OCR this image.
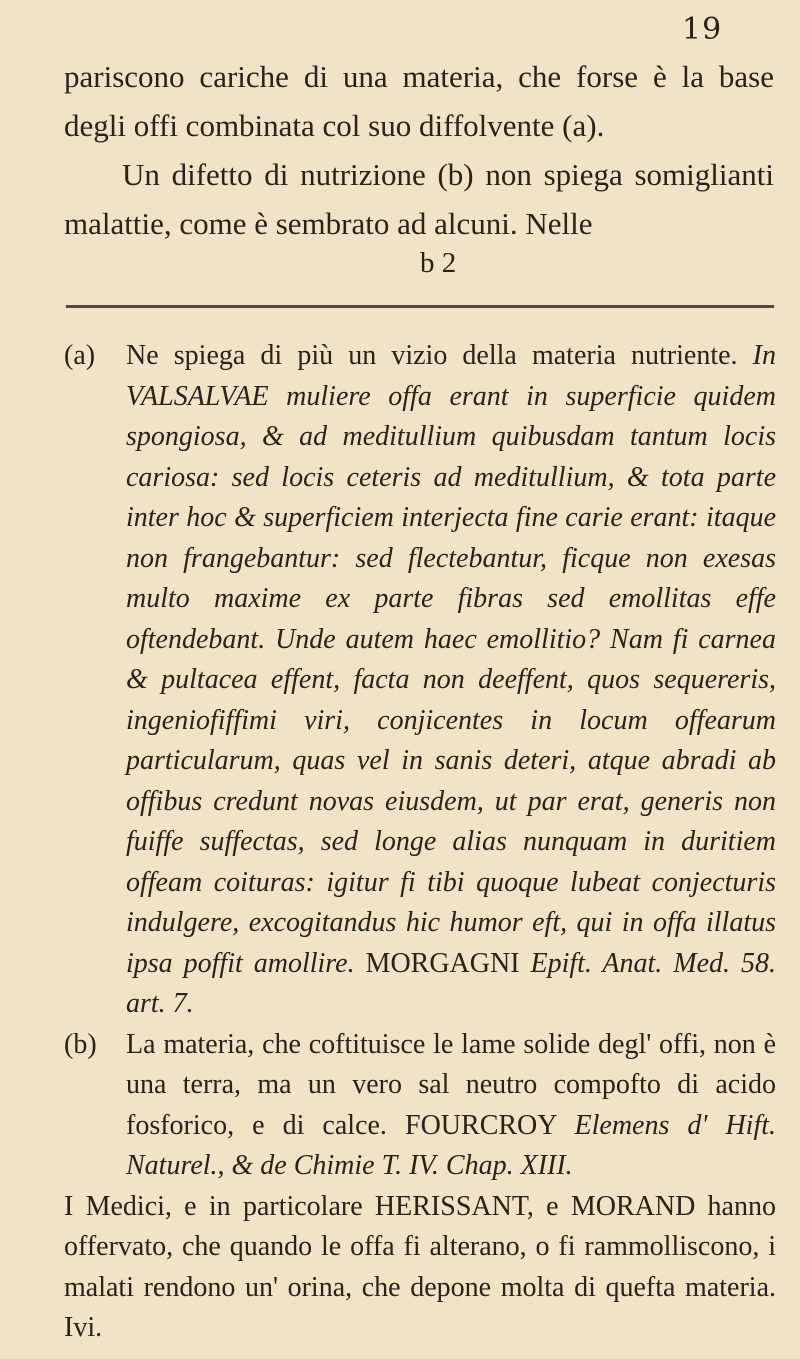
19

pariscono cariche di una materia, che forse è la base degli offi combinata col suo diffolvente (a).

Un difetto di nutrizione (b) non spiega somiglianti malattie, come è sembrato ad alcuni. Nelle

b 2
(a)	Ne spiega di più un vizio della materia nutriente. In VALSALVAE muliere offa erant in superficie quidem spongiosa, & ad meditullium quibusdam tantum locis cariosa: sed locis ceteris ad meditullium, & tota parte inter hoc & superficiem interjecta fine carie erant: itaque non frangebantur: sed flectebantur, ficque non exesas multo maxime ex parte fibras sed emollitas effe oftendebant. Unde autem haec emollitio? Nam fi carnea & pultacea effent, facta non deeffent, quos sequereris, ingeniofiffimi viri, conjicentes in locum offearum particularum, quas vel in sanis deteri, atque abradi ab offibus credunt novas eiusdem, ut par erat, generis non fuiffe suffectas, sed longe alias nunquam in duritiem offeam coituras: igitur fi tibi quoque lubeat conjecturis indulgere, excogitandus hic humor eft, qui in offa illatus ipsa poffit amollire. MORGAGNI Epift. Anat. Med. 58. art. 7.
(b)	La materia, che coftituisce le lame solide degl' offi, non è una terra, ma un vero sal neutro compofto di acido fosforico, e di calce. FOURCROY Elemens d' Hift. Naturel., & de Chimie T. IV. Chap. XIII.
I Medici, e in particolare HERISSANT, e MORAND hanno offervato, che quando le offa fi alterano, o fi rammolliscono, i malati rendono un' orina, che depone molta di quefta materia. Ivi.
